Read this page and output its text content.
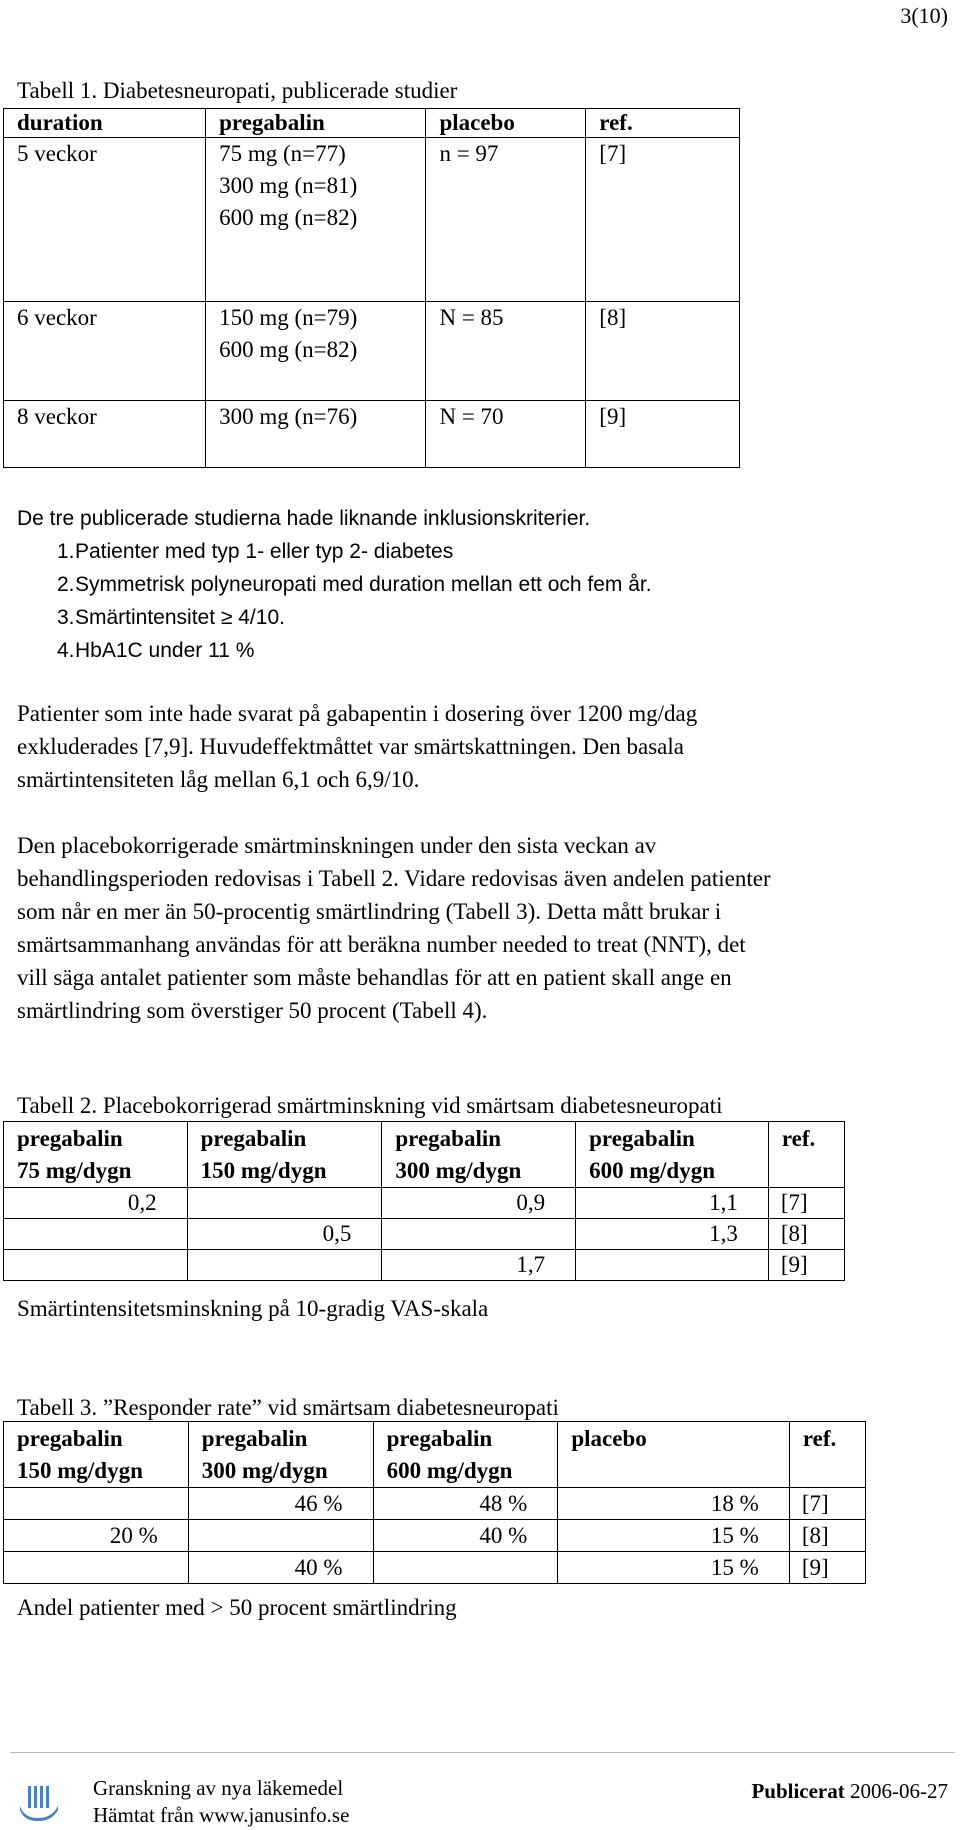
3(10)
Tabell 1. Diabetesneuropati, publicerade studier
duration	pregabalin	placebo	ref.
5 veckor	75 mg (n=77)
300 mg (n=81)
600 mg (n=82)	n = 97	[7]
6 veckor	150 mg (n=79)
600 mg (n=82)	N = 85	[8]
8 veckor	300 mg (n=76)	N = 70	[9]
De tre publicerade studierna hade liknande inklusionskriterier.
1. Patienter med typ 1- eller typ 2- diabetes
2. Symmetrisk polyneuropati med duration mellan ett och fem år.
3. Smärtintensitet ≥ 4/10.
4. HbA1C under 11 %
Patienter som inte hade svarat på gabapentin i dosering över 1200 mg/dag
exkluderades [7,9]. Huvudeffektmåttet var smärtskattningen. Den basala
smärtintensiteten låg mellan 6,1 och 6,9/10.
Den placebokorrigerade smärtminskningen under den sista veckan av
behandlingsperioden redovisas i Tabell 2. Vidare redovisas även andelen patienter
som når en mer än 50-procentig smärtlindring (Tabell 3). Detta mått brukar i
smärtsammanhang användas för att beräkna number needed to treat (NNT), det
vill säga antalet patienter som måste behandlas för att en patient skall ange en
smärtlindring som överstiger 50 procent (Tabell 4).
Tabell 2. Placebokorrigerad smärtminskning vid smärtsam diabetesneuropati
pregabalin
75 mg/dygn	pregabalin
150 mg/dygn	pregabalin
300 mg/dygn	pregabalin
600 mg/dygn	ref.

0,2		0,9	1,1	[7]
	0,5		1,3	[8]
		1,7		[9]
Smärtintensitetsminskning på 10-gradig VAS-skala
Tabell 3. ”Responder rate” vid smärtsam diabetesneuropati
pregabalin
150 mg/dygn	pregabalin
300 mg/dygn	pregabalin
600 mg/dygn	placebo	ref.

	46 %	48 %	18 %	[7]
20 %		40 %	15 %	[8]
	40 %		15 %	[9]
Andel patienter med > 50 procent smärtlindring
Granskning av nya läkemedel
Hämtat från www.janusinfo.se
Publicerat 2006-06-27
